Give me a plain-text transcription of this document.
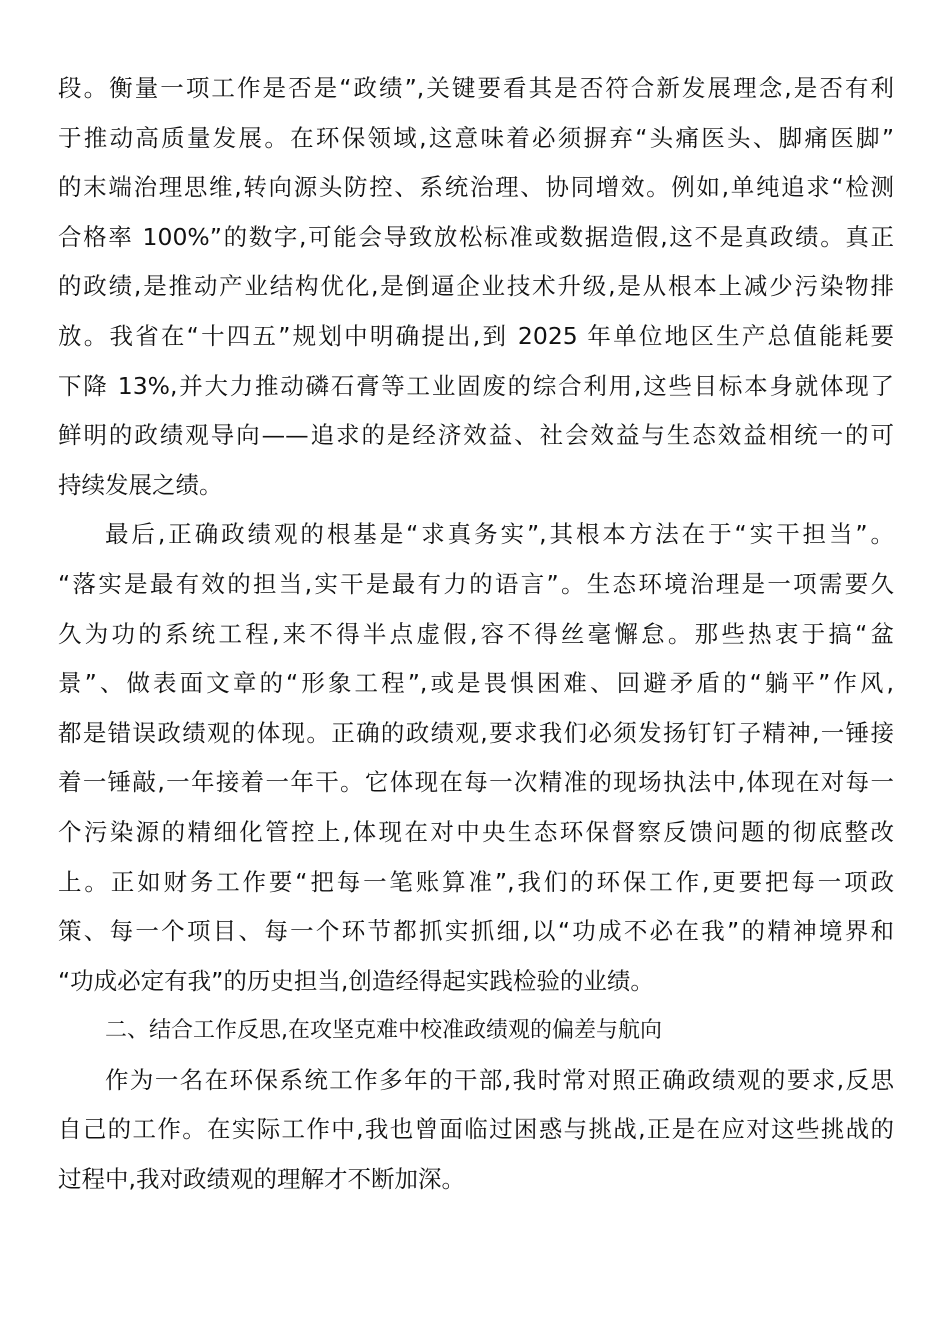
段。衡量一项工作是否是“政绩”,关键要看其是否符合新发展理念,是否有利
于推动高质量发展。在环保领域,这意味着必须摒弃“头痛医头、脚痛医脚”
的末端治理思维,转向源头防控、系统治理、协同增效。例如,单纯追求“检测
合格率 100%”的数字,可能会导致放松标准或数据造假,这不是真政绩。真正
的政绩,是推动产业结构优化,是倒逼企业技术升级,是从根本上减少污染物排
放。我省在“十四五”规划中明确提出,到 2025 年单位地区生产总值能耗要
下降 13%,并大力推动磷石膏等工业固废的综合利用,这些目标本身就体现了
鲜明的政绩观导向——追求的是经济效益、社会效益与生态效益相统一的可
持续发展之绩。
最后,正确政绩观的根基是“求真务实”,其根本方法在于“实干担当”。
“落实是最有效的担当,实干是最有力的语言”。生态环境治理是一项需要久
久为功的系统工程,来不得半点虚假,容不得丝毫懈怠。那些热衷于搞“盆
景”、做表面文章的“形象工程”,或是畏惧困难、回避矛盾的“躺平”作风,
都是错误政绩观的体现。正确的政绩观,要求我们必须发扬钉钉子精神,一锤接
着一锤敲,一年接着一年干。它体现在每一次精准的现场执法中,体现在对每一
个污染源的精细化管控上,体现在对中央生态环保督察反馈问题的彻底整改
上。正如财务工作要“把每一笔账算准”,我们的环保工作,更要把每一项政
策、每一个项目、每一个环节都抓实抓细,以“功成不必在我”的精神境界和
“功成必定有我”的历史担当,创造经得起实践检验的业绩。
二、结合工作反思,在攻坚克难中校准政绩观的偏差与航向
作为一名在环保系统工作多年的干部,我时常对照正确政绩观的要求,反思
自己的工作。在实际工作中,我也曾面临过困惑与挑战,正是在应对这些挑战的
过程中,我对政绩观的理解才不断加深。
